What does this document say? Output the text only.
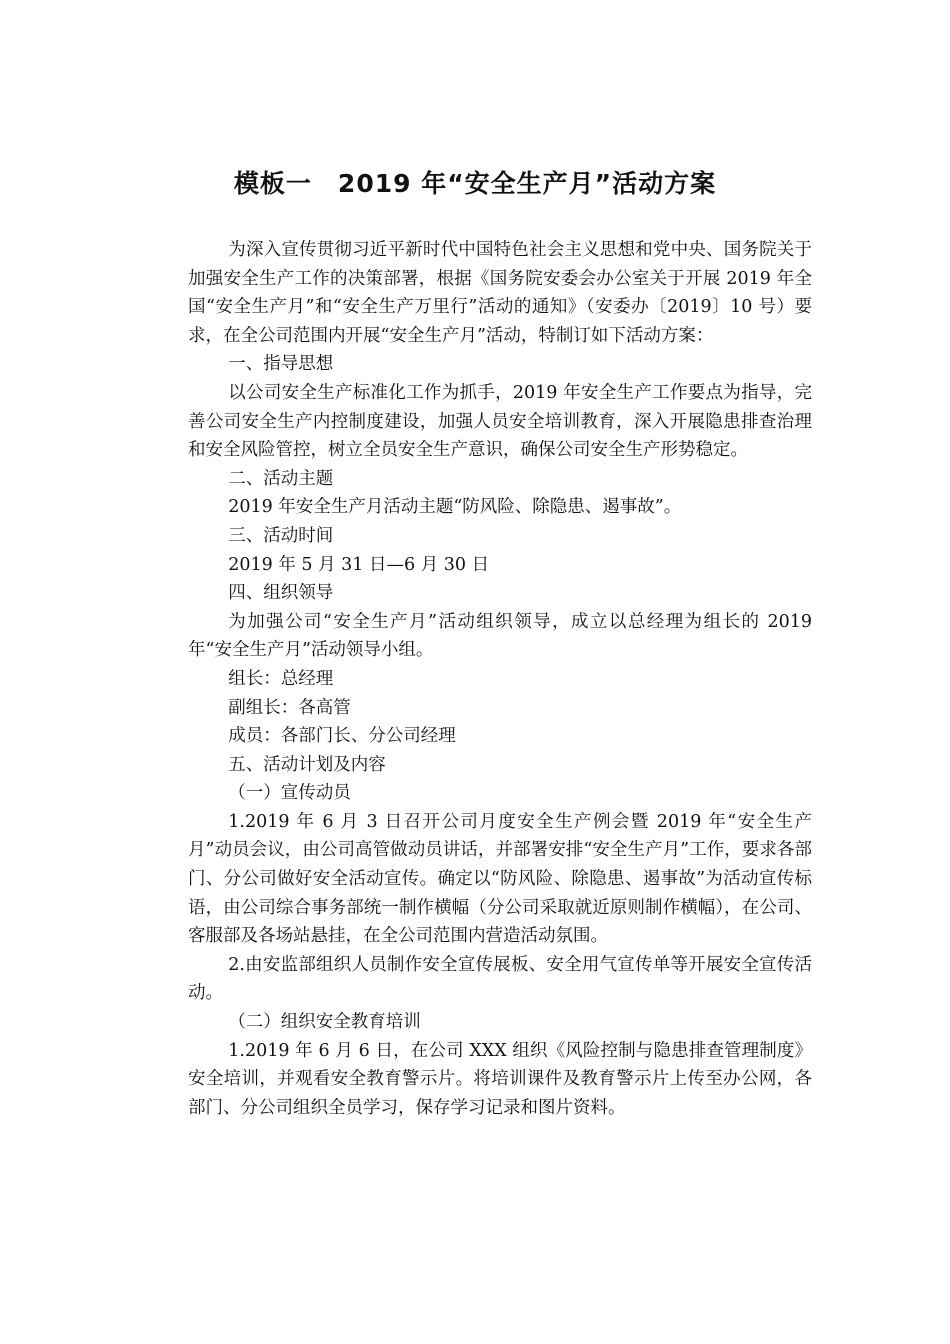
模板一　2019 年“安全生产月”活动方案

为深入宣传贯彻习近平新时代中国特色社会主义思想和党中央、国务院关于加强安全生产工作的决策部署，根据《国务院安委会办公室关于开展 2019 年全国“安全生产月”和“安全生产万里行”活动的通知》（安委办〔2019〕10 号）要求，在全公司范围内开展“安全生产月”活动，特制订如下活动方案：

一、指导思想

以公司安全生产标准化工作为抓手，2019 年安全生产工作要点为指导，完善公司安全生产内控制度建设，加强人员安全培训教育，深入开展隐患排查治理和安全风险管控，树立全员安全生产意识，确保公司安全生产形势稳定。

二、活动主题

2019 年安全生产月活动主题“防风险、除隐患、遏事故”。

三、活动时间

2019 年 5 月 31 日—6 月 30 日

四、组织领导

为加强公司“安全生产月”活动组织领导，成立以总经理为组长的 2019 年“安全生产月”活动领导小组。

组长：总经理

副组长：各高管

成员：各部门长、分公司经理

五、活动计划及内容

（一）宣传动员

1.2019 年 6 月 3 日召开公司月度安全生产例会暨 2019 年“安全生产月”动员会议，由公司高管做动员讲话，并部署安排“安全生产月”工作，要求各部门、分公司做好安全活动宣传。确定以“防风险、除隐患、遏事故”为活动宣传标语，由公司综合事务部统一制作横幅（分公司采取就近原则制作横幅），在公司、客服部及各场站悬挂，在全公司范围内营造活动氛围。

2.由安监部组织人员制作安全宣传展板、安全用气宣传单等开展安全宣传活动。

（二）组织安全教育培训

1.2019 年 6 月 6 日，在公司 XXX 组织《风险控制与隐患排查管理制度》安全培训，并观看安全教育警示片。将培训课件及教育警示片上传至办公网，各部门、分公司组织全员学习，保存学习记录和图片资料。
